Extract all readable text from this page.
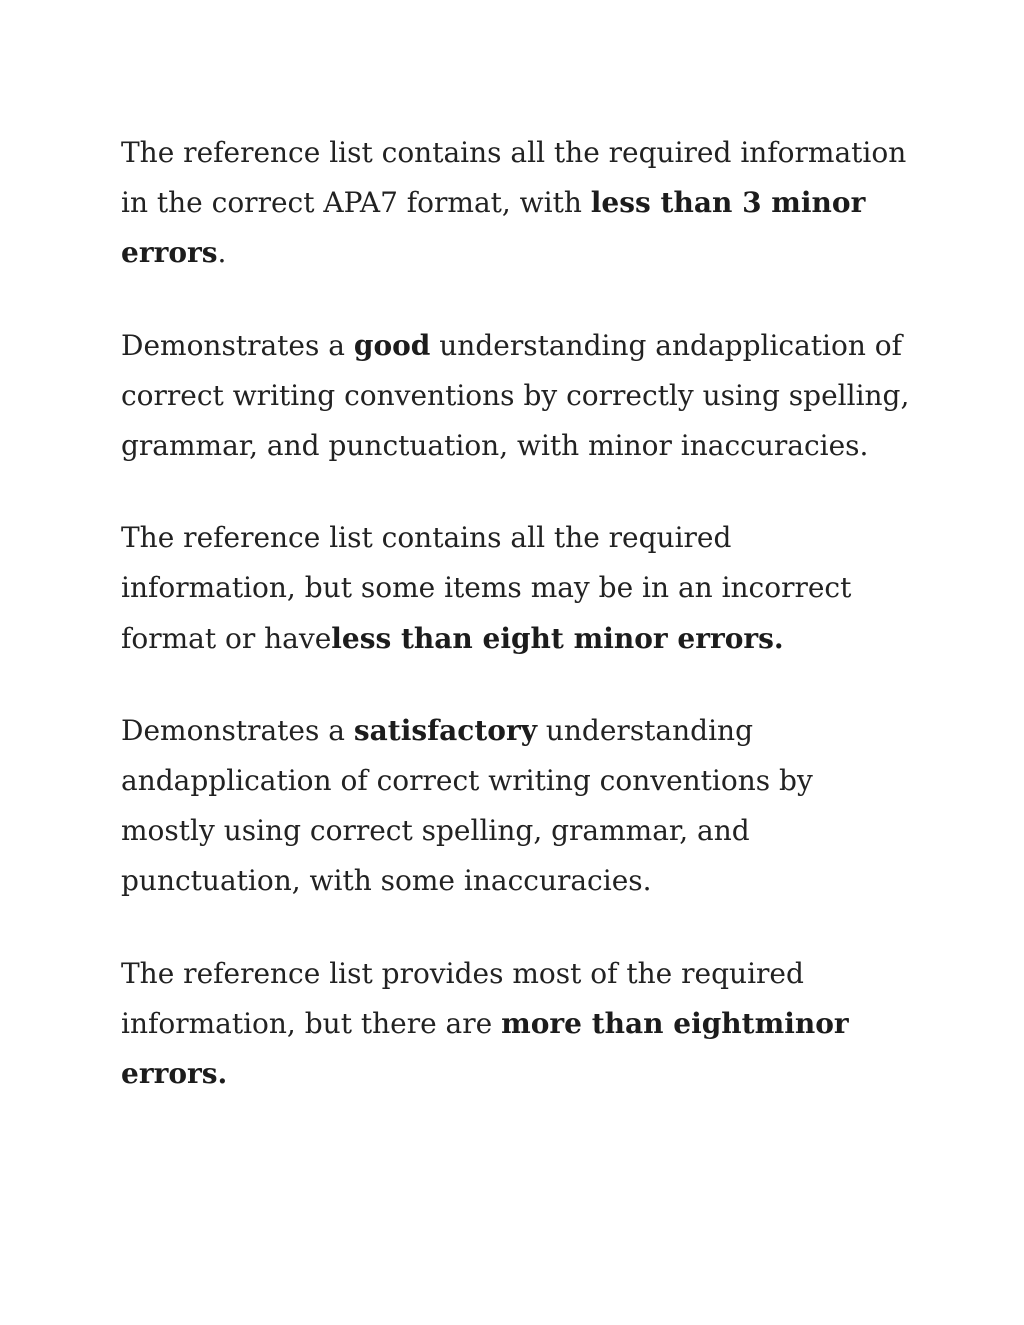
The reference list contains all the required information in the correct APA7 format, with less than 3 minor errors.

Demonstrates a good understanding andapplication of correct writing conventions by correctly using spelling, grammar, and punctuation, with minor inaccuracies.

The reference list contains all the required information, but some items may be in an incorrect format or haveless than eight minor errors.

Demonstrates a satisfactory understanding andapplication of correct writing conventions by mostly using correct spelling, grammar, and punctuation, with some inaccuracies.

The reference list provides most of the required information, but there are more than eightminor errors.
